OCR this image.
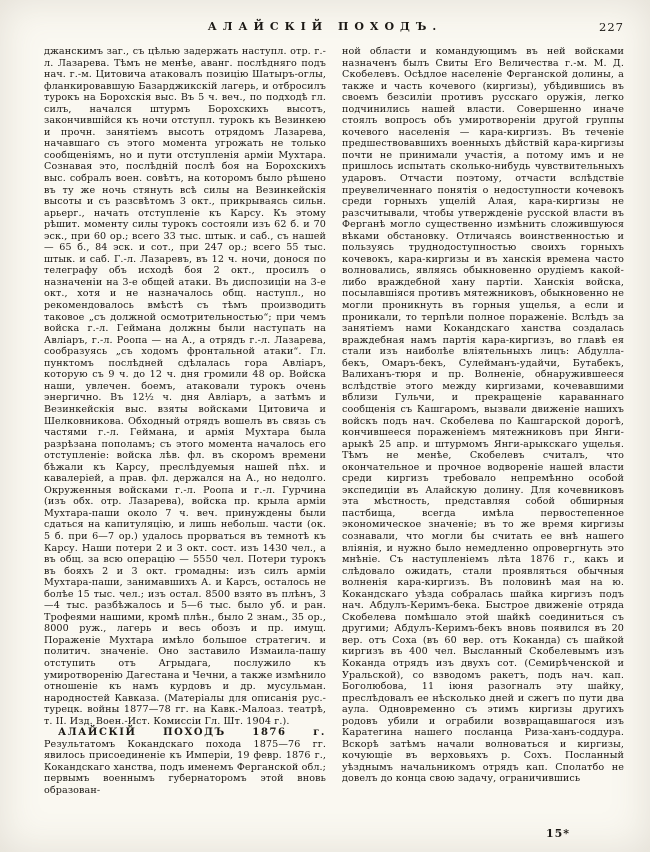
АЛАЙСКІЙ ПОХОДЪ.	227

джанскимъ заг., съ цѣлью задержать наступл. отр. г.-л. Лазарева. Тѣмъ не менѣе, аванг. послѣдняго подъ нач. г.-м. Цитовича атаковалъ позицію Шатыръ-оглы, фланкировавшую Базарджикскій лагерь, и отбросилъ турокъ на Борохскія выс. Въ 5 ч. веч., по подходѣ гл. силъ, начался штурмъ Борохскихъ высотъ, закончившійся къ ночи отступл. турокъ къ Везинкею и прочн. занятіемъ высотъ отрядомъ Лазарева, начавшаго съ этого момента угрожать не только сообщеніямъ, но и пути отступленія арміи Мухтара. Сознавая это, послѣдній послѣ боя на Борохскихъ выс. собралъ воен. совѣтъ, на которомъ было рѣшено въ ту же ночь стянуть всѣ силы на Везинкейскія высоты и съ разсвѣтомъ 3 окт., прикрываясь сильн. арьерг., начать отступленіе къ Карсу. Къ этому рѣшит. моменту силы турокъ состояли изъ 62 б. и 70 эск., при 60 ор.; всего 33 тыс. штык. и саб., съ нашей — 65 б., 84 эск. и сот., при 247 ор.; всего 55 тыс. штык. и саб. Г.-л. Лазаревъ, въ 12 ч. ночи, донося по телеграфу объ исходѣ боя 2 окт., просилъ о назначеніи на 3-е общей атаки. Въ диспозиціи на 3-е окт., хотя и не назначалось общ. наступл., но рекомендовалось вмѣстѣ съ тѣмъ производить таковое „съ должной осмотрительностью“; при чемъ войска г.-л. Геймана должны были наступать на Авліаръ, г.-л. Роопа — на А., а отрядъ г.-л. Лазарева, сообразуясь „съ ходомъ фронтальной атаки“. Гл. пунктомъ послѣдней сдѣлалась гора Авліаръ, которую съ 9 ч. до 12 ч. дня громили 48 ор. Войска наши, увлечен. боемъ, атаковали турокъ очень энергично. Въ 12½ ч. дня Авліаръ, а затѣмъ и Везинкейскія выс. взяты войсками Цитовича и Шелковникова. Обходный отрядъ вошелъ въ связь съ частями г.-л. Геймана, и армія Мухтара была разрѣзана пополамъ; съ этого момента началось его отступленіе: войска лѣв. фл. въ скоромъ времени бѣжали къ Карсу, преслѣдуемыя нашей пѣх. и кавалеріей, а прав. фл. держался на А., но недолго. Окруженныя войсками г.-л. Роопа и г.-л. Гурчина (изъ обх. отр. Лазарева), войска пр. крыла арміи Мухтара-паши около 7 ч. веч. принуждены были сдаться на капитуляцію, и лишь небольш. части (ок. 5 б. при 6—7 ор.) удалось прорваться въ темнотѣ къ Карсу. Наши потери 2 и 3 окт. сост. изъ 1430 чел., а въ общ. за всю операцію — 5550 чел. Потери турокъ въ бояхъ 2 и 3 окт. громадны: изъ силъ арміи Мухтара-паши, занимавшихъ А. и Карсъ, осталось не болѣе 15 тыс. чел.; изъ остал. 8500 взято въ плѣнъ, 3—4 тыс. разбѣжалось и 5—6 тыс. было уб. и ран. Трофеями нашими, кромѣ плѣн., было 2 знам., 35 ор., 8000 руж., лагерь и весь обозъ и пр. имущ. Пораженіе Мухтара имѣло большое стратегич. и политич. значеніе. Оно заставило Измаила-пашу отступить отъ Агрыдага, послужило къ умиротворенію Дагестана и Чечни, а также измѣнило отношеніе къ намъ курдовъ и др. мусульман. народностей Кавказа. (Матеріалы для описанія рус.-турецк. войны 1877—78 гг. на Кавк.-Малоаз. театрѣ, т. II. Изд. Воен.-Ист. Комиссіи Гл. Шт. 1904 г.).

АЛАЙСКІЙ ПОХОДЪ 1876 г. Результатомъ Кокандскаго похода 1875—76 гг. явилось присоединеніе къ Имперіи, 19 февр. 1876 г., Кокандскаго ханства, подъ именемъ Ферганской обл.; первымъ военнымъ губернаторомъ этой вновь образован-

ной области и командующимъ въ ней войсками назначенъ былъ Свиты Его Величества г.-м. М. Д. Скобелевъ. Осѣдлое населеніе Ферганской долины, а также и часть кочевого (киргизы), убѣдившись въ своемъ безсиліи противъ русскаго оружія, легко подчинились нашей власти. Совершенно иначе стоялъ вопросъ объ умиротвореніи другой группы кочевого населенія — кара-киргизъ. Въ теченіе предшествовавшихъ военныхъ дѣйствій кара-киргизы почти не принимали участія, а потому имъ и не пришлось испытать сколько-нибудь чувствительныхъ ударовъ. Отчасти поэтому, отчасти вслѣдствіе преувеличеннаго понятія о недоступности кочевокъ среди горныхъ ущелій Алая, кара-киргизы не разсчитывали, чтобы утвержденіе русской власти въ Ферганѣ могло существенно измѣнить сложившуюся вѣками обстановку. Отличаясь воинственностью и пользуясь труднодоступностью своихъ горныхъ кочевокъ, кара-киргизы и въ ханскія времена часто волновались, являясь обыкновенно орудіемъ какой-либо враждебной хану партіи. Ханскія войска, посылавшіяся противъ мятежниковъ, обыкновенно не могли проникнуть въ горныя ущелья, а если и проникали, то терпѣли полное пораженіе. Вслѣдъ за занятіемъ нами Кокандскаго ханства создалась враждебная намъ партія кара-киргизъ, во главѣ ея стали изъ наиболѣе вліятельныхъ лицъ: Абдулла-бекъ, Омаръ-бекъ, Сулейманъ-удайчи, Бутабекъ, Валиханъ-тюря и пр. Волненіе, обнаружившееся вслѣдствіе этого между киргизами, кочевавшими вблизи Гульчи, и прекращеніе караваннаго сообщенія съ Кашгаромъ, вызвали движеніе нашихъ войскъ подъ нач. Скобелева по Кашгарской дорогѣ, кончившееся пораженіемъ мятежниковъ при Янги-арыкѣ 25 апр. и штурмомъ Янги-арыкскаго ущелья. Тѣмъ не менѣе, Скобелевъ считалъ, что окончательное и прочное водвореніе нашей власти среди киргизъ требовало непремѣнно особой экспедиціи въ Алайскую долину. Для кочевниковъ эта мѣстность, представляя собой обширныя пастбища, всегда имѣла первостепенное экономическое значеніе; въ то же время киргизы сознавали, что могли бы считать ее внѣ нашего вліянія, и нужно было немедленно опровергнуть это мнѣніе. Съ наступленіемъ лѣта 1876 г., какъ и слѣдовало ожидать, стали проявляться обычныя волненія кара-киргизъ. Въ половинѣ мая на ю. Кокандскаго уѣзда собралась шайка киргизъ подъ нач. Абдулъ-Керимъ-бека. Быстрое движеніе отряда Скобелева помѣшало этой шайкѣ соединиться съ другими; Абдулъ-Керимъ-бекъ вновь появился въ 20 вер. отъ Соха (въ 60 вер. отъ Коканда) съ шайкой киргизъ въ 400 чел. Высланный Скобелевымъ изъ Коканда отрядъ изъ двухъ сот. (Семирѣченской и Уральской), со взводомъ ракетъ, подъ нач. кап. Боголюбова, 11 іюня разогналъ эту шайку, преслѣдовалъ ее нѣсколько дней и сжегъ по пути два аула. Одновременно съ этимъ киргизы другихъ родовъ убили и ограбили возвращавшагося изъ Каратегина нашего посланца Риза-ханъ-соддура. Вскорѣ затѣмъ начали волноваться и киргизы, кочующіе въ верховьяхъ р. Сохъ. Посланный уѣзднымъ начальникомъ отрядъ кап. Сполатбо не довелъ до конца свою задачу, ограничившись

15*
